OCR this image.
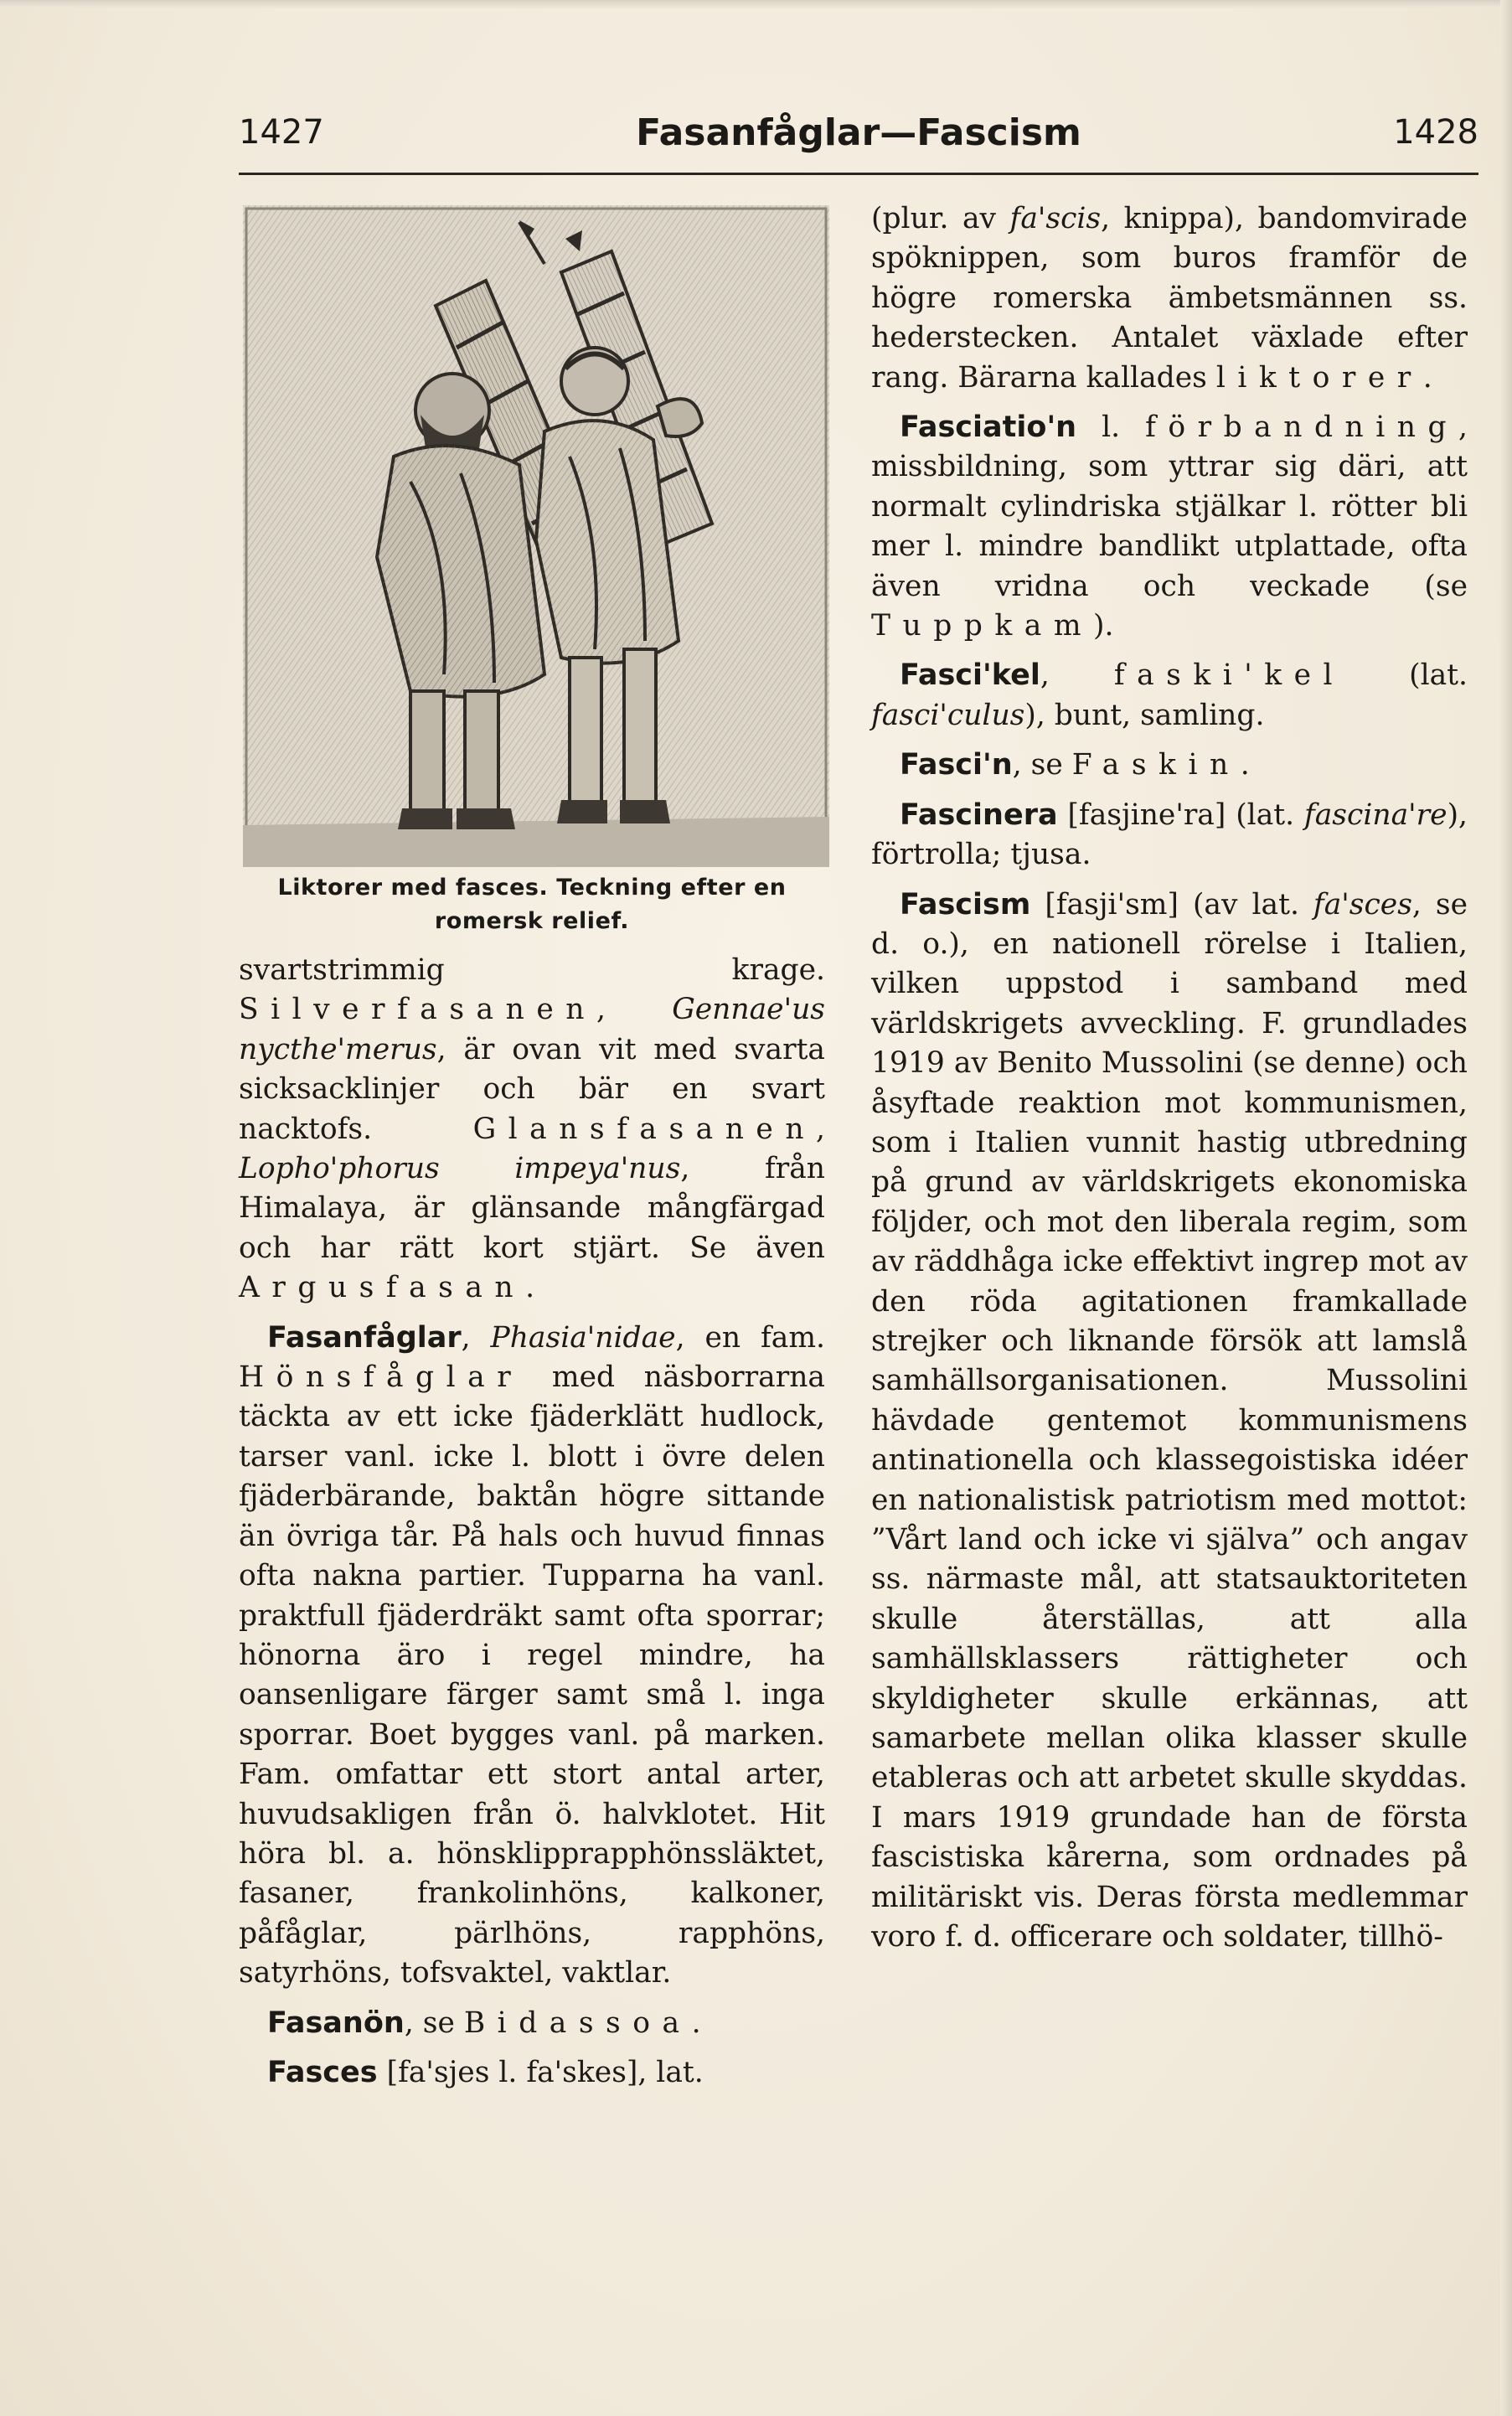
1427	Fasanfåglar—Fascism	1428
Liktorer med fasces. Teckning efter en romersk relief.

svartstrimmig krage. Silverfasanen, Gennae'us nycthe'merus, är ovan vit med svarta sicksacklinjer och bär en svart nacktofs. Glansfasanen, Lopho'phorus impeya'nus, från Himalaya, är glänsande mångfärgad och har rätt kort stjärt. Se även Argusfasan.

Fasanfåglar, Phasia'nidae, en fam. Hönsfåglar med näsborrarna täckta av ett icke fjäderklätt hudlock, tarser vanl. icke l. blott i övre delen fjäderbärande, baktån högre sittande än övriga tår. På hals och huvud finnas ofta nakna partier. Tupparna ha vanl. praktfull fjäderdräkt samt ofta sporrar; hönorna äro i regel mindre, ha oansenligare färger samt små l. inga sporrar. Boet bygges vanl. på marken. Fam. omfattar ett stort antal arter, huvudsakligen från ö. halvklotet. Hit höra bl. a. hönsklipprapphönssläktet, fasaner, frankolinhöns, kalkoner, påfåglar, pärlhöns, rapphöns, satyrhöns, tofsvaktel, vaktlar.

Fasanön, se Bidassoa.

Fasces [fa'sjes l. fa'skes], lat.

(plur. av fa'scis, knippa), bandomvirade spöknippen, som buros framför de högre romerska ämbetsmännen ss. hederstecken. Antalet växlade efter rang. Bärarna kallades liktorer.

Fasciatio'n l. förbandning, missbildning, som yttrar sig däri, att normalt cylindriska stjälkar l. rötter bli mer l. mindre bandlikt utplattade, ofta även vridna och veckade (se Tuppkam).

Fasci'kel, faski'kel (lat. fasci'culus), bunt, samling.

Fasci'n, se Faskin.

Fascinera [fasjine'ra] (lat. fascina're), förtrolla; tjusa.

Fascism [fasji'sm] (av lat. fa'sces, se d. o.), en nationell rörelse i Italien, vilken uppstod i samband med världskrigets avveckling. F. grundlades 1919 av Benito Mussolini (se denne) och åsyftade reaktion mot kommunismen, som i Italien vunnit hastig utbredning på grund av världskrigets ekonomiska följder, och mot den liberala regim, som av räddhåga icke effektivt ingrep mot av den röda agitationen framkallade strejker och liknande försök att lamslå samhällsorganisationen. Mussolini hävdade gentemot kommunismens antinationella och klassegoistiska idéer en nationalistisk patriotism med mottot: ”Vårt land och icke vi själva” och angav ss. närmaste mål, att statsauktoriteten skulle återställas, att alla samhällsklassers rättigheter och skyldigheter skulle erkännas, att samarbete mellan olika klasser skulle etableras och att arbetet skulle skyddas. I mars 1919 grundade han de första fascistiska kårerna, som ordnades på militäriskt vis. Deras första medlemmar voro f. d. officerare och soldater, tillhö-
